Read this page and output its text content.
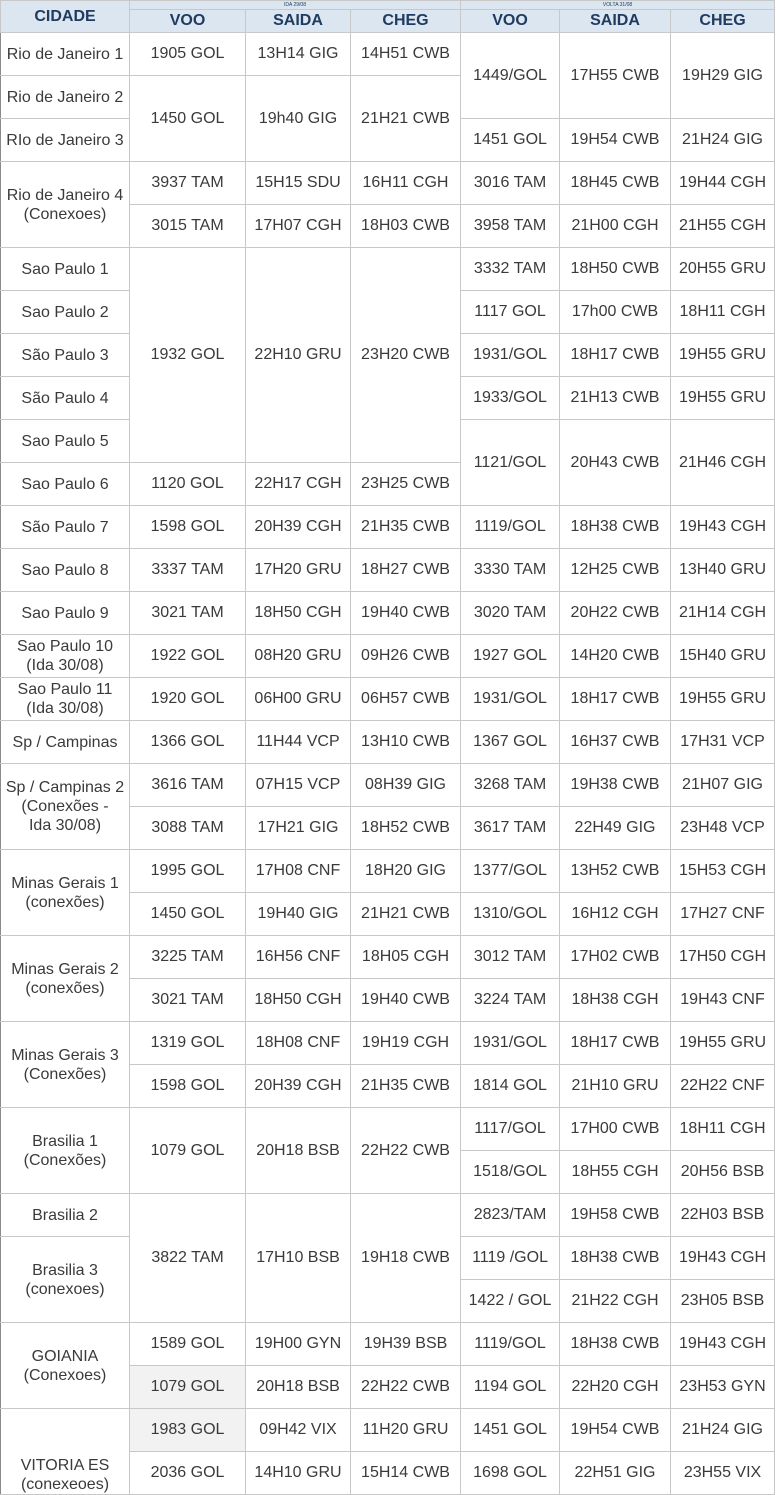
CIDADE	IDA 29/08			VOLTA 31/08		
	VOO	SAIDA	CHEG	VOO	SAIDA	CHEG

Rio de Janeiro 1	1905 GOL	13H14 GIG	14H51 CWB	1449/GOL	17H55 CWB	19H29 GIG

Rio de Janeiro 2	1450 GOL	19h40 GIG	21H21 CWB			

RIo de Janeiro 3				1451 GOL	19H54 CWB	21H24 GIG

Rio de Janeiro 4
(Conexoes)	3937 TAM	15H15 SDU	16H11 CGH	3016 TAM	18H45 CWB	19H44 CGH
	3015 TAM	17H07 CGH	18H03 CWB	3958 TAM	21H00 CGH	21H55 CGH

Sao Paulo 1	1932 GOL	22H10 GRU	23H20 CWB	3332 TAM	18H50 CWB	20H55 GRU

Sao Paulo 2				1117 GOL	17h00 CWB	18H11 CGH

São Paulo 3				1931/GOL	18H17 CWB	19H55 GRU

São Paulo 4				1933/GOL	21H13 CWB	19H55 GRU

Sao Paulo 5				1121/GOL	20H43 CWB	21H46 CGH

Sao Paulo 6	1120 GOL	22H17 CGH	23H25 CWB			

São Paulo 7	1598 GOL	20H39 CGH	21H35 CWB	1119/GOL	18H38 CWB	19H43 CGH

Sao Paulo 8	3337 TAM	17H20 GRU	18H27 CWB	3330 TAM	12H25 CWB	13H40 GRU

Sao Paulo 9	3021 TAM	18H50 CGH	19H40 CWB	3020 TAM	20H22 CWB	21H14 CGH

Sao Paulo 10
(Ida 30/08)	1922 GOL	08H20 GRU	09H26 CWB	1927 GOL	14H20 CWB	15H40 GRU

Sao Paulo 11
(Ida 30/08)	1920 GOL	06H00 GRU	06H57 CWB	1931/GOL	18H17 CWB	19H55 GRU

Sp / Campinas	1366 GOL	11H44 VCP	13H10 CWB	1367 GOL	16H37 CWB	17H31 VCP

Sp / Campinas 2
(Conexões -
Ida 30/08)	3616 TAM	07H15 VCP	08H39 GIG	3268 TAM	19H38 CWB	21H07 GIG
	3088 TAM	17H21 GIG	18H52 CWB	3617 TAM	22H49 GIG	23H48 VCP

Minas Gerais 1
(conexões)	1995 GOL	17H08 CNF	18H20 GIG	1377/GOL	13H52 CWB	15H53 CGH
	1450 GOL	19H40 GIG	21H21 CWB	1310/GOL	16H12 CGH	17H27 CNF

Minas Gerais 2
(conexões)	3225 TAM	16H56 CNF	18H05 CGH	3012 TAM	17H02 CWB	17H50 CGH
	3021 TAM	18H50 CGH	19H40 CWB	3224 TAM	18H38 CGH	19H43 CNF

Minas Gerais 3
(Conexões)	1319 GOL	18H08 CNF	19H19 CGH	1931/GOL	18H17 CWB	19H55 GRU
	1598 GOL	20H39 CGH	21H35 CWB	1814 GOL	21H10 GRU	22H22 CNF

Brasilia 1
(Conexões)	1079 GOL	20H18 BSB	22H22 CWB	1117/GOL	17H00 CWB	18H11 CGH
				1518/GOL	18H55 CGH	20H56 BSB

Brasilia 2	3822 TAM	17H10 BSB	19H18 CWB	2823/TAM	19H58 CWB	22H03 BSB

Brasilia 3
(conexoes)				1119 /GOL	18H38 CWB	19H43 CGH
				1422 / GOL	21H22 CGH	23H05 BSB

GOIANIA
(Conexoes)	1589 GOL	19H00 GYN	19H39 BSB	1119/GOL	18H38 CWB	19H43 CGH
	1079 GOL	20H18 BSB	22H22 CWB	1194 GOL	22H20 CGH	23H53 GYN

VITORIA ES
(conexeoes)	1983 GOL	09H42 VIX	11H20 GRU	1451 GOL	19H54 CWB	21H24 GIG
	2036 GOL	14H10 GRU	15H14 CWB	1698 GOL	22H51 GIG	23H55 VIX
